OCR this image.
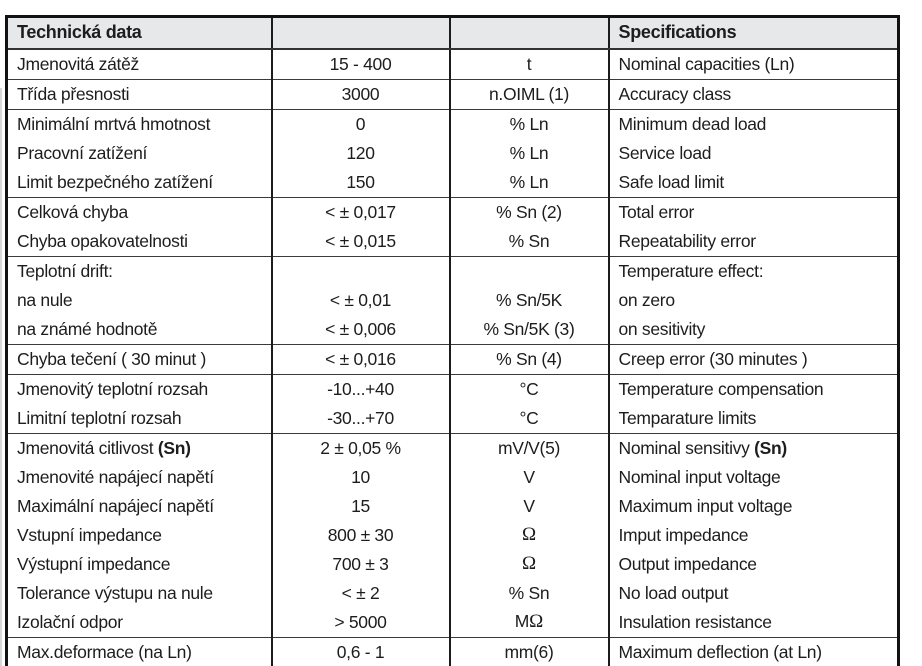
Technická data			Specifications
Jmenovitá zátěž	15 - 400	t	Nominal capacities (Ln)
Třída přesnosti	3000	n.OIML (1)	Accuracy class
Minimální mrtvá hmotnost	0	% Ln	Minimum dead load
Pracovní zatížení	120	% Ln	Service load
Limit bezpečného zatížení	150	% Ln	Safe load limit
Celková chyba	< ± 0,017	% Sn (2)	Total error
Chyba opakovatelnosti	< ± 0,015	% Sn	Repeatability error
Teplotní drift:			Temperature effect:
na nule	< ± 0,01	% Sn/5K	on zero
na známé hodnotě	< ± 0,006	% Sn/5K (3)	on sesitivity
Chyba tečení ( 30 minut )	< ± 0,016	% Sn (4)	Creep error (30 minutes )
Jmenovitý teplotní rozsah	-10...+40	°C	Temperature compensation
Limitní teplotní rozsah	-30...+70	°C	Temparature limits
Jmenovitá citlivost (Sn)	2 ± 0,05 %	mV/V(5)	Nominal sensitivy (Sn)
Jmenovité napájecí napětí	10	V	Nominal input voltage
Maximální napájecí napětí	15	V	Maximum input voltage
Vstupní impedance	800 ± 30	Ω	Imput impedance
Výstupní impedance	700 ± 3	Ω	Output impedance
Tolerance výstupu na nule	< ± 2	% Sn	No load output
Izolační odpor	> 5000	MΩ	Insulation resistance
Max.deformace (na Ln)	0,6 - 1	mm(6)	Maximum deflection (at Ln)
